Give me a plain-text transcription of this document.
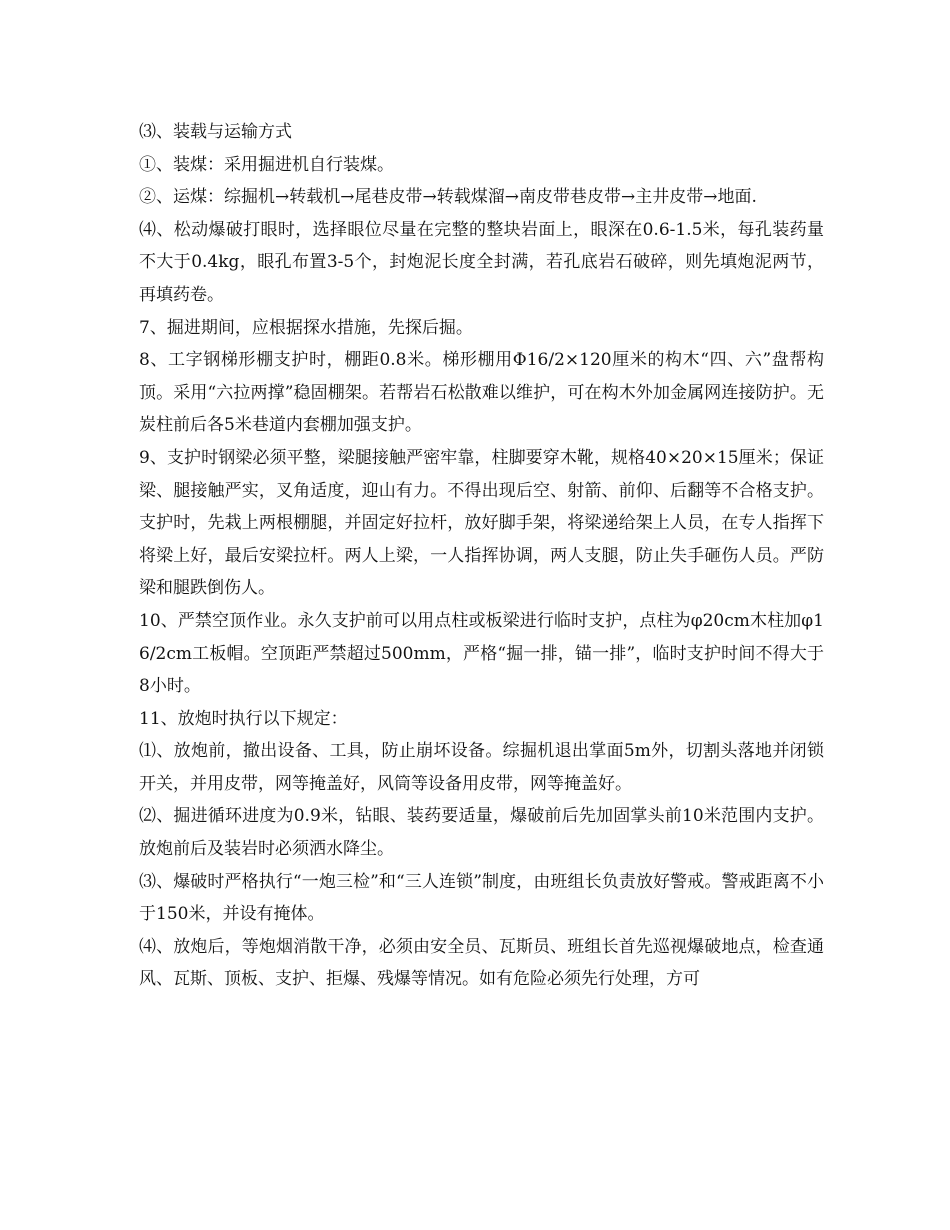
⑶、装载与运输方式

①、装煤：采用掘进机自行装煤。

②、运煤：综掘机→转载机→尾巷皮带→转载煤溜→南皮带巷皮带→主井皮带→地面.

⑷、松动爆破打眼时，选择眼位尽量在完整的整块岩面上，眼深在0.6-1.5米，每孔装药量不大于0.4kg，眼孔布置3-5个，封炮泥长度全封满，若孔底岩石破碎，则先填炮泥两节，再填药卷。

7、掘进期间，应根据探水措施，先探后掘。

8、工字钢梯形棚支护时，棚距0.8米。梯形棚用Φ16/2×120厘米的构木“四、六”盘帮构顶。采用“六拉两撑”稳固棚架。若帮岩石松散难以维护，可在构木外加金属网连接防护。无炭柱前后各5米巷道内套棚加强支护。

9、支护时钢梁必须平整，梁腿接触严密牢靠，柱脚要穿木靴，规格40×20×15厘米；保证梁、腿接触严实，叉角适度，迎山有力。不得出现后空、射箭、前仰、后翻等不合格支护。支护时，先栽上两根棚腿，并固定好拉杆，放好脚手架，将梁递给架上人员，在专人指挥下将梁上好，最后安梁拉杆。两人上梁，一人指挥协调，两人支腿，防止失手砸伤人员。严防梁和腿跌倒伤人。

10、严禁空顶作业。永久支护前可以用点柱或板梁进行临时支护，点柱为φ20cm木柱加φ16/2cm工板帽。空顶距严禁超过500mm，严格“掘一排，锚一排”，临时支护时间不得大于8小时。

11、放炮时执行以下规定：

⑴、放炮前，撤出设备、工具，防止崩坏设备。综掘机退出掌面5m外，切割头落地并闭锁开关，并用皮带，网等掩盖好，风筒等设备用皮带，网等掩盖好。

⑵、掘进循环进度为0.9米，钻眼、装药要适量，爆破前后先加固掌头前10米范围内支护。放炮前后及装岩时必须洒水降尘。

⑶、爆破时严格执行“一炮三检”和“三人连锁”制度，由班组长负责放好警戒。警戒距离不小于150米，并设有掩体。

⑷、放炮后，等炮烟消散干净，必须由安全员、瓦斯员、班组长首先巡视爆破地点，检查通风、瓦斯、顶板、支护、拒爆、残爆等情况。如有危险必须先行处理，方可
